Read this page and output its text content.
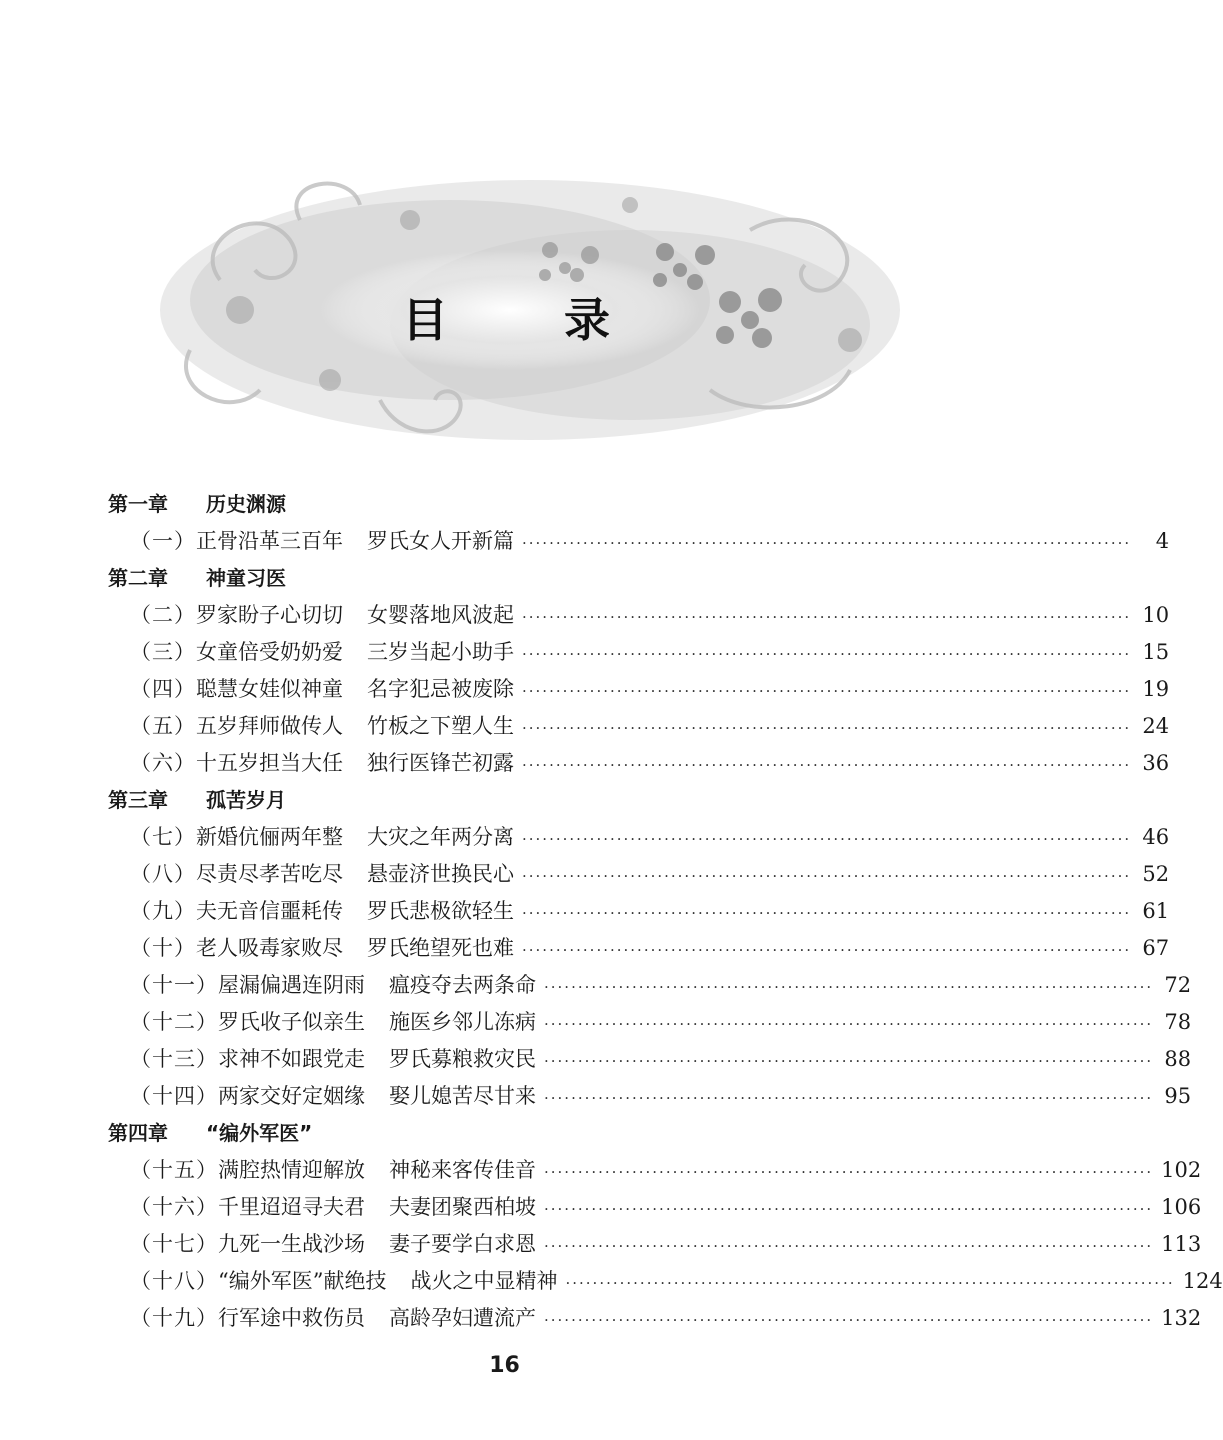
目	录
第一章 历史渊源
（一） 正骨沿革三百年 罗氏女人开新篇 ··························································································	4
第二章 神童习医
（二） 罗家盼子心切切 女婴落地风波起 ·························································································· 10
（三） 女童倍受奶奶爱 三岁当起小助手 ·························································································· 15
（四） 聪慧女娃似神童 名字犯忌被废除 ·························································································· 19
（五） 五岁拜师做传人 竹板之下塑人生 ·························································································· 24
（六） 十五岁担当大任 独行医锋芒初露 ·························································································· 36
第三章 孤苦岁月
（七） 新婚伉俪两年整 大灾之年两分离 ·························································································· 46
（八） 尽责尽孝苦吃尽 悬壶济世换民心 ·························································································· 52
（九） 夫无音信噩耗传 罗氏悲极欲轻生 ·························································································· 61
（十） 老人吸毒家败尽 罗氏绝望死也难 ·························································································· 67
（十一） 屋漏偏遇连阴雨 瘟疫夺去两条命 ·························································································· 72
（十二） 罗氏收子似亲生 施医乡邻儿冻病 ·························································································· 78
（十三） 求神不如跟党走 罗氏募粮救灾民 ·························································································· 88
（十四） 两家交好定姻缘 娶儿媳苦尽甘来 ·························································································· 95
第四章 “编外军医”
（十五） 满腔热情迎解放 神秘来客传佳音 ·························································································· 102
（十六） 千里迢迢寻夫君 夫妻团聚西柏坡 ·························································································· 106
（十七） 九死一生战沙场 妻子要学白求恩 ·························································································· 113
（十八） “编外军医”献绝技 战火之中显精神 ·························································································· 124
（十九） 行军途中救伤员 高龄孕妇遭流产 ·························································································· 132
16
